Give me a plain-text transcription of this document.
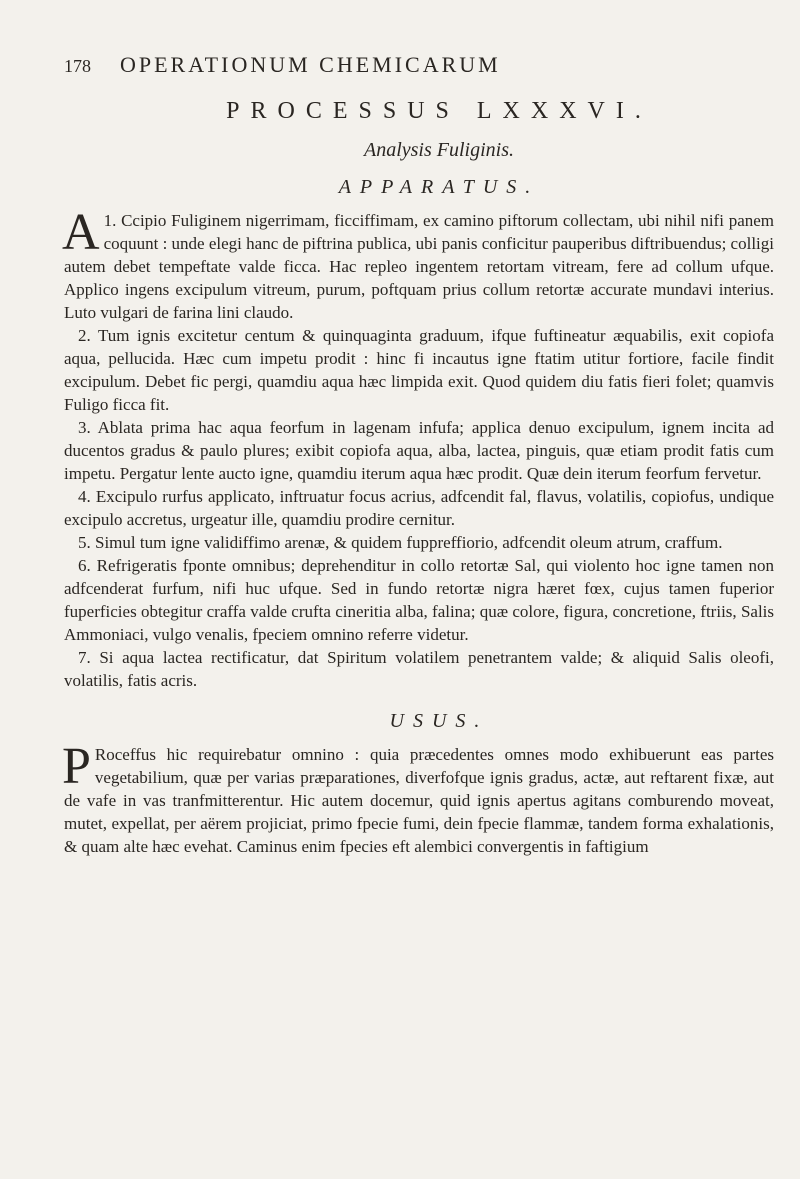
178 OPERATIONUM CHEMICARUM
PROCESSUS LXXXVI.
Analysis Fuliginis.
APPARATUS.

1.
A Ccipio Fuliginem nigerrimam, ficciffimam, ex camino piftorum collectam, ubi nihil nifi panem coquunt : unde elegi hanc de piftrina publica, ubi panis conficitur pauperibus diftribuendus; colligi autem debet tempeftate valde ficca. Hac repleo ingentem retortam vitream, fere ad collum ufque. Applico ingens excipulum vitreum, purum, poftquam prius collum retortæ accurate mundavi interius. Luto vulgari de farina lini claudo.

2. Tum ignis excitetur centum & quinquaginta graduum, ifque fuftineatur æquabilis, exit copiofa aqua, pellucida. Hæc cum impetu prodit : hinc fi incautus igne ftatim utitur fortiore, facile findit excipulum. Debet fic pergi, quamdiu aqua hæc limpida exit. Quod quidem diu fatis fieri folet; quamvis Fuligo ficca fit.

3. Ablata prima hac aqua feorfum in lagenam infufa; applica denuo excipulum, ignem incita ad ducentos gradus & paulo plures; exibit copiofa aqua, alba, lactea, pinguis, quæ etiam prodit fatis cum impetu. Pergatur lente aucto igne, quamdiu iterum aqua hæc prodit. Quæ dein iterum feorfum fervetur.

4. Excipulo rurfus applicato, inftruatur focus acrius, adfcendit fal, flavus, volatilis, copiofus, undique excipulo accretus, urgeatur ille, quamdiu prodire cernitur.

5. Simul tum igne validiffimo arenæ, & quidem fuppreffiorio, adfcendit oleum atrum, craffum.

6. Refrigeratis fponte omnibus; deprehenditur in collo retortæ Sal, qui violento hoc igne tamen non adfcenderat furfum, nifi huc ufque. Sed in fundo retortæ nigra hæret fœx, cujus tamen fuperior fuperficies obtegitur craffa valde crufta cineritia alba, falina; quæ colore, figura, concretione, ftriis, Salis Ammoniaci, vulgo venalis, fpeciem omnino referre videtur.

7. Si aqua lactea rectificatur, dat Spiritum volatilem penetrantem valde; & aliquid Salis oleofi, volatilis, fatis acris.

USUS.

P Roceffus hic requirebatur omnino : quia præcedentes omnes modo exhibuerunt eas partes vegetabilium, quæ per varias præparationes, diverfofque ignis gradus, actæ, aut reftarent fixæ, aut de vafe in vas tranfmitterentur. Hic autem docemur, quid ignis apertus agitans comburendo moveat, mutet, expellat, per aërem projiciat, primo fpecie fumi, dein fpecie flammæ, tandem forma exhalationis, & quam alte hæc evehat. Caminus enim fpecies eft alembici convergentis in faftigium
